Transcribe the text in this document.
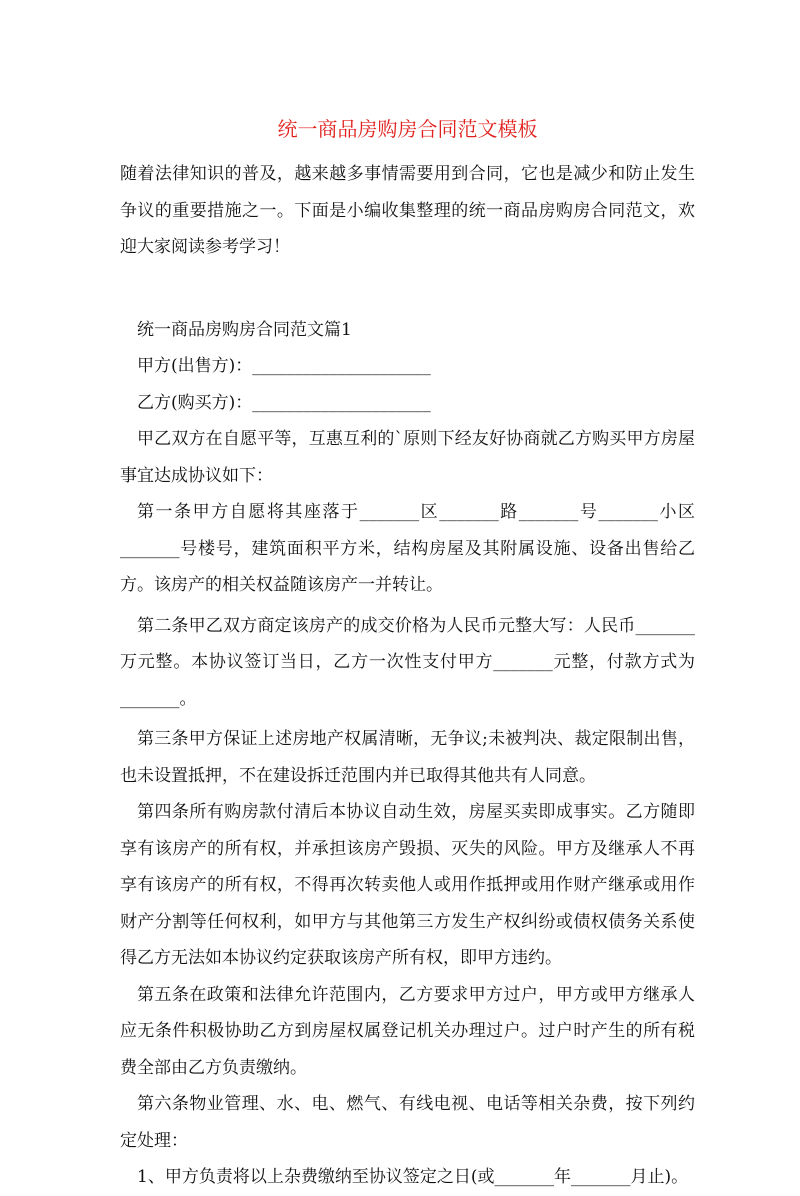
统一商品房购房合同范文模板

随着法律知识的普及，越来越多事情需要用到合同，它也是减少和防止发生争议的重要措施之一。下面是小编收集整理的统一商品房购房合同范文，欢迎大家阅读参考学习！

统一商品房购房合同范文篇1

甲方(出售方)：_____________________

乙方(购买方)：_____________________

甲乙双方在自愿平等，互惠互利的`原则下经友好协商就乙方购买甲方房屋事宜达成协议如下：

第一条甲方自愿将其座落于_______区_______路_______号_______小区_______号楼号，建筑面积平方米，结构房屋及其附属设施、设备出售给乙方。该房产的相关权益随该房产一并转让。

第二条甲乙双方商定该房产的成交价格为人民币元整大写：人民币_______万元整。本协议签订当日，乙方一次性支付甲方_______元整，付款方式为_______。

第三条甲方保证上述房地产权属清晰，无争议;未被判决、裁定限制出售，也未设置抵押，不在建设拆迁范围内并已取得其他共有人同意。

第四条所有购房款付清后本协议自动生效，房屋买卖即成事实。乙方随即享有该房产的所有权，并承担该房产毁损、灭失的风险。甲方及继承人不再享有该房产的所有权，不得再次转卖他人或用作抵押或用作财产继承或用作财产分割等任何权利，如甲方与其他第三方发生产权纠纷或债权债务关系使得乙方无法如本协议约定获取该房产所有权，即甲方违约。

第五条在政策和法律允许范围内，乙方要求甲方过户，甲方或甲方继承人应无条件积极协助乙方到房屋权属登记机关办理过户。过户时产生的所有税费全部由乙方负责缴纳。

第六条物业管理、水、电、燃气、有线电视、电话等相关杂费，按下列约定处理：

1、甲方负责将以上杂费缴纳至协议签定之日(或_______年_______月止)。
